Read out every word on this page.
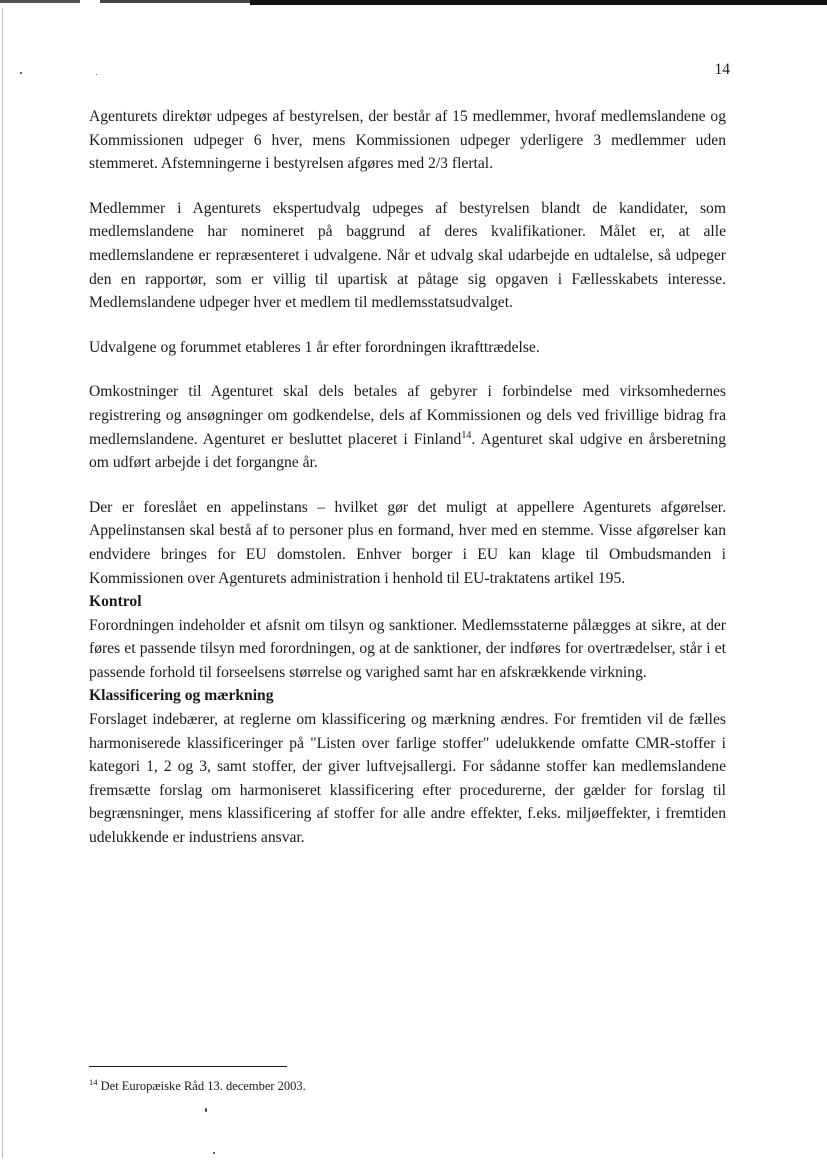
14

Agenturets direktør udpeges af bestyrelsen, der består af 15 medlemmer, hvoraf medlemslandene og Kommissionen udpeger 6 hver, mens Kommissionen udpeger yderligere 3 medlemmer uden stemmeret. Afstemningerne i bestyrelsen afgøres med 2/3 flertal.

Medlemmer i Agenturets ekspertudvalg udpeges af bestyrelsen blandt de kandidater, som medlemslandene har nomineret på baggrund af deres kvalifikationer. Målet er, at alle medlemslandene er repræsenteret i udvalgene. Når et udvalg skal udarbejde en udtalelse, så udpeger den en rapportør, som er villig til upartisk at påtage sig opgaven i Fællesskabets interesse. Medlemslandene udpeger hver et medlem til medlemsstatsudvalget.

Udvalgene og forummet etableres 1 år efter forordningen ikrafttrædelse.

Omkostninger til Agenturet skal dels betales af gebyrer i forbindelse med virksomhedernes registrering og ansøgninger om godkendelse, dels af Kommissionen og dels ved frivillige bidrag fra medlemslandene. Agenturet er besluttet placeret i Finland$^{14}$. Agenturet skal udgive en årsberetning om udført arbejde i det forgangne år.

Der er foreslået en appelinstans – hvilket gør det muligt at appellere Agenturets afgørelser. Appelinstansen skal bestå af to personer plus en formand, hver med en stemme. Visse afgørelser kan endvidere bringes for EU domstolen. Enhver borger i EU kan klage til Ombudsmanden i Kommissionen over Agenturets administration i henhold til EU-traktatens artikel 195.

Kontrol

Forordningen indeholder et afsnit om tilsyn og sanktioner. Medlemsstaterne pålægges at sikre, at der føres et passende tilsyn med forordningen, og at de sanktioner, der indføres for overtrædelser, står i et passende forhold til forseelsens størrelse og varighed samt har en afskrækkende virkning.

Klassificering og mærkning

Forslaget indebærer, at reglerne om klassificering og mærkning ændres. For fremtiden vil de fælles harmoniserede klassificeringer på "Listen over farlige stoffer" udelukkende omfatte CMR-stoffer i kategori 1, 2 og 3, samt stoffer, der giver luftvejsallergi. For sådanne stoffer kan medlemslandene fremsætte forslag om harmoniseret klassificering efter procedurerne, der gælder for forslag til begrænsninger, mens klassificering af stoffer for alle andre effekter, f.eks. miljøeffekter, i fremtiden udelukkende er industriens ansvar.

$^{14}$ Det Europæiske Råd 13. december 2003.
